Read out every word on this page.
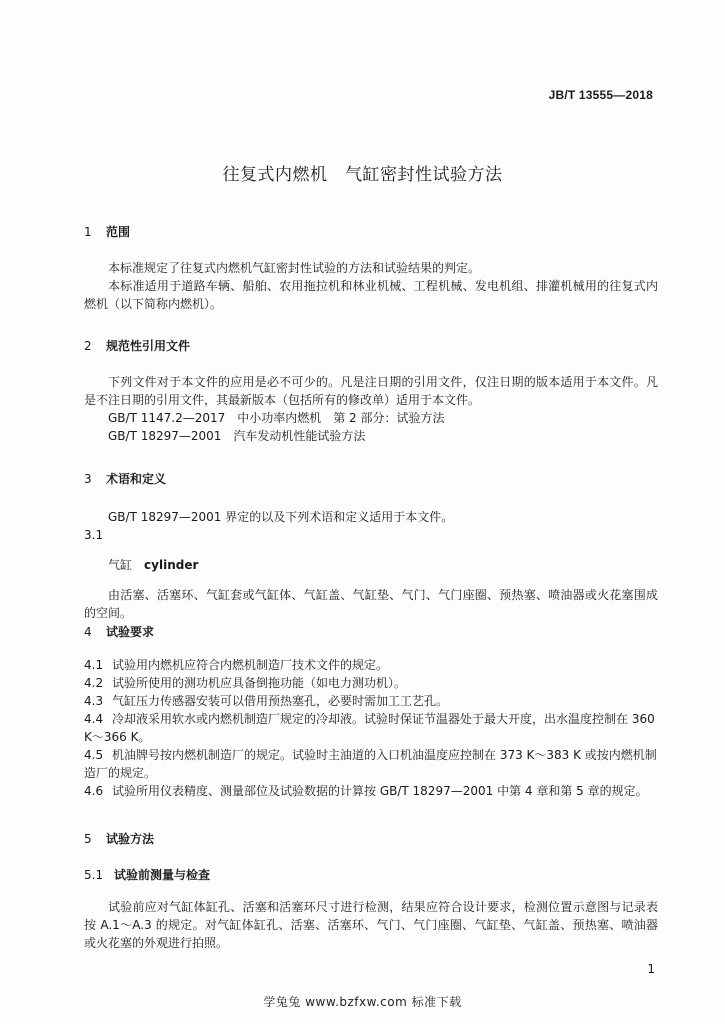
JB/T 13555—2018
往复式内燃机　气缸密封性试验方法
1 范围

本标准规定了往复式内燃机气缸密封性试验的方法和试验结果的判定。

本标准适用于道路车辆、船舶、农用拖拉机和林业机械、工程机械、发电机组、排灌机械用的往复式内燃机（以下简称内燃机）。

2 规范性引用文件

下列文件对于本文件的应用是必不可少的。凡是注日期的引用文件，仅注日期的版本适用于本文件。凡是不注日期的引用文件，其最新版本（包括所有的修改单）适用于本文件。

GB/T 1147.2—2017　中小功率内燃机　第 2 部分：试验方法

GB/T 18297—2001　汽车发动机性能试验方法

3 术语和定义

GB/T 18297—2001 界定的以及下列术语和定义适用于本文件。

3.1

气缸　 cylinder

由活塞、活塞环、气缸套或气缸体、气缸盖、气缸垫、气门、气门座圈、预热塞、喷油器或火花塞围成的空间。

4 试验要求

4.1 试验用内燃机应符合内燃机制造厂技术文件的规定。

4.2 试验所使用的测功机应具备倒拖功能（如电力测功机）。

4.3 气缸压力传感器安装可以借用预热塞孔，必要时需加工工艺孔。

4.4 冷却液采用软水或内燃机制造厂规定的冷却液。试验时保证节温器处于最大开度，出水温度控制在 360 K～366 K。

4.5 机油牌号按内燃机制造厂的规定。试验时主油道的入口机油温度应控制在 373 K～383 K 或按内燃机制造厂的规定。

4.6 试验所用仪表精度、测量部位及试验数据的计算按 GB/T 18297—2001 中第 4 章和第 5 章的规定。

5 试验方法
5.1 试验前测量与检查

试验前应对气缸体缸孔、活塞和活塞环尺寸进行检测，结果应符合设计要求，检测位置示意图与记录表按 A.1～A.3 的规定。对气缸体缸孔、活塞、活塞环、气门、气门座圈、气缸垫、气缸盖、预热塞、喷油器或火花塞的外观进行拍照。

1
学兔兔 www.bzfxw.com 标准下载
